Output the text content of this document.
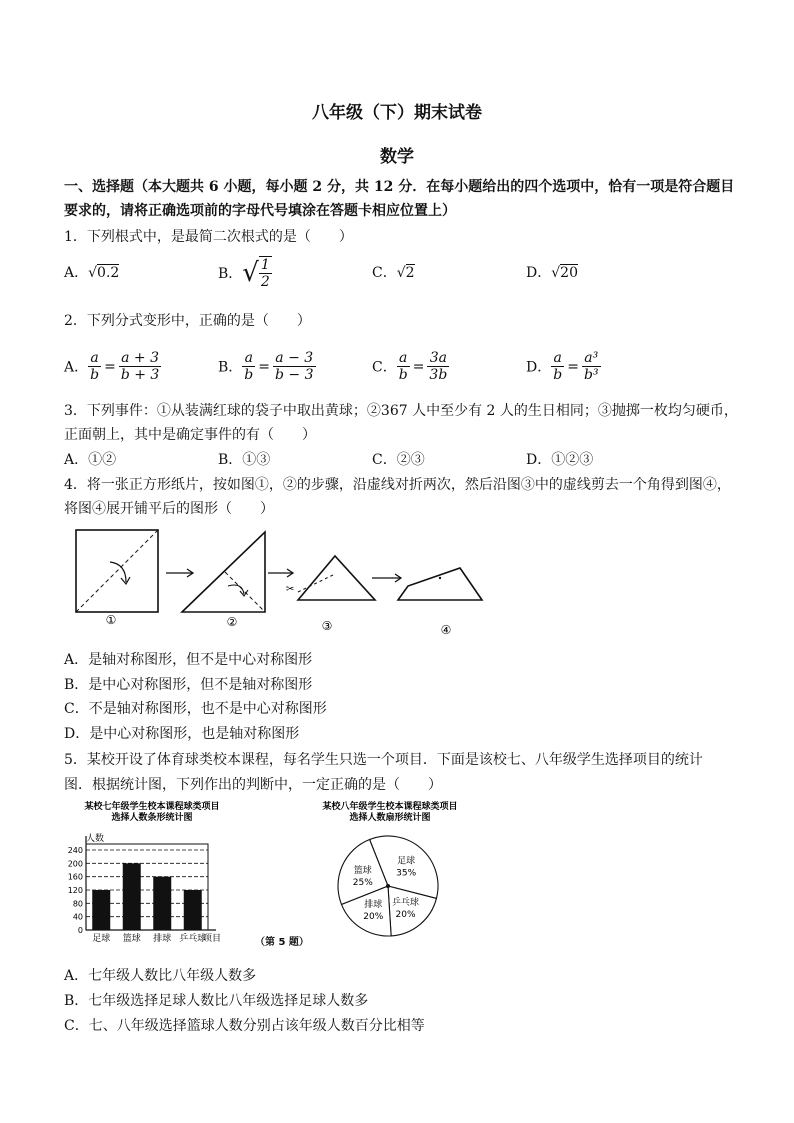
八年级（下）期末试卷
数学
一、选择题（本大题共 6 小题，每小题 2 分，共 12 分．在每小题给出的四个选项中，恰有一项是符合题目
要求的，请将正确选项前的字母代号填涂在答题卡相应位置上）
1．下列根式中，是最简二次根式的是（　　）
A．√0.2	B．√ $\frac{1}{2}$	C．√2	D．√20
2．下列分式变形中，正确的是（　　）
A． $\frac{a}{b} = \frac{a + 3}{b + 3}$	B． $\frac{a}{b} = \frac{a - 3}{b - 3}$	C． $\frac{a}{b} = \frac{3a}{3b}$	D． $\frac{a}{b} = \frac{\text{a³}}{\text{b³}}$
3．下列事件：①从装满红球的袋子中取出黄球；②367 人中至少有 2 人的生日相同；③抛掷一枚均匀硬币，
正面朝上，其中是确定事件的有（　　）
A．①②	B．①③	C．②③	D．①②③
4．将一张正方形纸片，按如图①，②的步骤，沿虚线对折两次，然后沿图③中的虚线剪去一个角得到图④，
将图④展开铺平后的图形（　　）
✂
①	②	③	④
A．是轴对称图形，但不是中心对称图形
B．是中心对称图形，但不是轴对称图形
C．不是轴对称图形，也不是中心对称图形
D．是中心对称图形，也是轴对称图形
5．某校开设了体育球类校本课程，每名学生只选一个项目．下面是该校七、八年级学生选择项目的统计
图．根据统计图，下列作出的判断中，一定正确的是（　　）
某校七年级学生校本课程球类项目
选择人数条形统计图
人数
0
40
80
120
160
200
240
足球 篮球 排球 乒乓球
项目
某校八年级学生校本课程球类项目
选择人数扇形统计图
足球
35%
乒乓球
20%
排球
20%
篮球
25%
（第 5 题）
A．七年级人数比八年级人数多
B．七年级选择足球人数比八年级选择足球人数多
C．七、八年级选择篮球人数分别占该年级人数百分比相等
